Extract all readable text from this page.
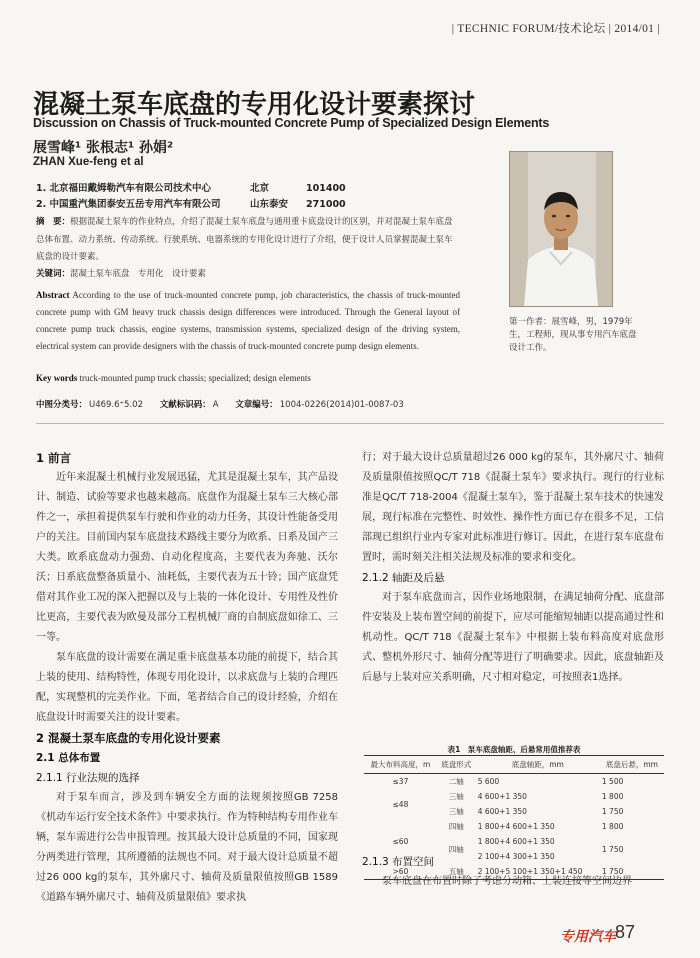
| TECHNIC FORUM/技术论坛 | 2014/01 |
混凝土泵车底盘的专用化设计要素探讨
Discussion on Chassis of Truck-mounted Concrete Pump of Specialized Design Elements
展雪峰¹ 张根志¹ 孙娟²
ZHAN Xue-feng et al
1. 北京福田戴姆勒汽车有限公司技术中心	北京	101400
2. 中国重汽集团泰安五岳专用汽车有限公司	山东泰安 271000
摘　要：根据混凝土泵车的作业特点，介绍了混凝土泵车底盘与通用重卡底盘设计的区别，并对混凝土泵车底盘总体布置、动力系统、传动系统、行驶系统、电器系统的专用化设计进行了介绍，便于设计人员掌握混凝土泵车底盘的设计要素。
关键词：混凝土泵车底盘　专用化　设计要素
Abstract According to the use of truck-mounted concrete pump, job characteristics, the chassis of truck-mounted concrete pump with GM heavy truck chassis design differences were introduced. Through the General layout of concrete pump truck chassis, engine systems, transmission systems, specialized design of the driving system, electrical system can provide designers with the chassis of truck-mounted concrete pump design elements.
Key words truck-mounted pump truck chassis; specialized; design elements
中图分类号： U469.6⁺5.02 文献标识码： A 文章编号： 1004-0226(2014)01-0087-03
第一作者：展雪峰，男，1979年生，工程师，现从事专用汽车底盘设计工作。
1 前言

近年来混凝土机械行业发展迅猛，尤其是混凝土泵车，其产品设计、制造、试验等要求也越来越高。底盘作为混凝土泵车三大核心部件之一，承担着提供泵车行驶和作业的动力任务，其设计性能备受用户的关注。目前国内泵车底盘技术路线主要分为欧系、日系及国产三大类。欧系底盘动力强劲、自动化程度高，主要代表为奔驰、沃尔沃；日系底盘整备质量小、油耗低，主要代表为五十铃；国产底盘凭借对其作业工况的深入把握以及与上装的一体化设计、专用性及性价比更高，主要代表为欧曼及部分工程机械厂商的自制底盘如徐工、三一等。

泵车底盘的设计需要在满足重卡底盘基本功能的前提下，结合其上装的使用、结构特性，体现专用化设计，以求底盘与上装的合理匹配，实现整机的完美作业。下面，笔者结合自己的设计经验，介绍在底盘设计时需要关注的设计要素。

2 混凝土泵车底盘的专用化设计要素
2.1 总体布置
2.1.1 行业法规的选择

对于泵车而言，涉及到车辆安全方面的法规须按照GB 7258《机动车运行安全技术条件》中要求执行。作为特种结构专用作业车辆，泵车需进行公告申报管理。按其最大设计总质量的不同，国家现分两类进行管理，其所遵循的法规也不同。对于最大设计总质量不超过26 000 kg的泵车，其外廓尺寸、轴荷及质量限值按照GB 1589《道路车辆外廓尺寸、轴荷及质量限值》要求执

行；对于最大设计总质量超过26 000 kg的泵车，其外廓尺寸、轴荷及质量限值按照QC/T 718《混凝土泵车》要求执行。现行的行业标准是QC/T 718-2004《混凝土泵车》，鉴于混凝土泵车技术的快速发展，现行标准在完整性、时效性、操作性方面已存在很多不足，工信部现已组织行业内专家对此标准进行修订。因此，在进行泵车底盘布置时，需时刻关注相关法规及标准的要求和变化。

2.1.2 轴距及后悬

对于泵车底盘而言，因作业场地限制，在满足轴荷分配、底盘部件安装及上装布置空间的前提下，应尽可能缩短轴距以提高通过性和机动性。QC/T 718《混凝土泵车》中根据上装布料高度对底盘形式、整机外形尺寸、轴荷分配等进行了明确要求。因此，底盘轴距及后悬与上装对应关系明确，尺寸相对稳定，可按照表1选择。

表1　泵车底盘轴距、后悬常用值推荐表
最大布料高度，m	底盘形式	底盘轴距，mm	底盘后悬，mm
≤37	二轴	5 600	1 500
≤48	三轴	4 600+1 350	1 800
	三轴	4 600+1 350	1 750
≤60	四轴	1 800+4 600+1 350	1 800
	四轴	1 800+4 600+1 350	1 750
		2 100+4 300+1 350	
>60	五轴	2 100+5 100+1 350+1 450	1 750
2.1.3 布置空间

泵车底盘在布置时除了考虑分动箱、上装连接等空间边界

专用汽车 87
